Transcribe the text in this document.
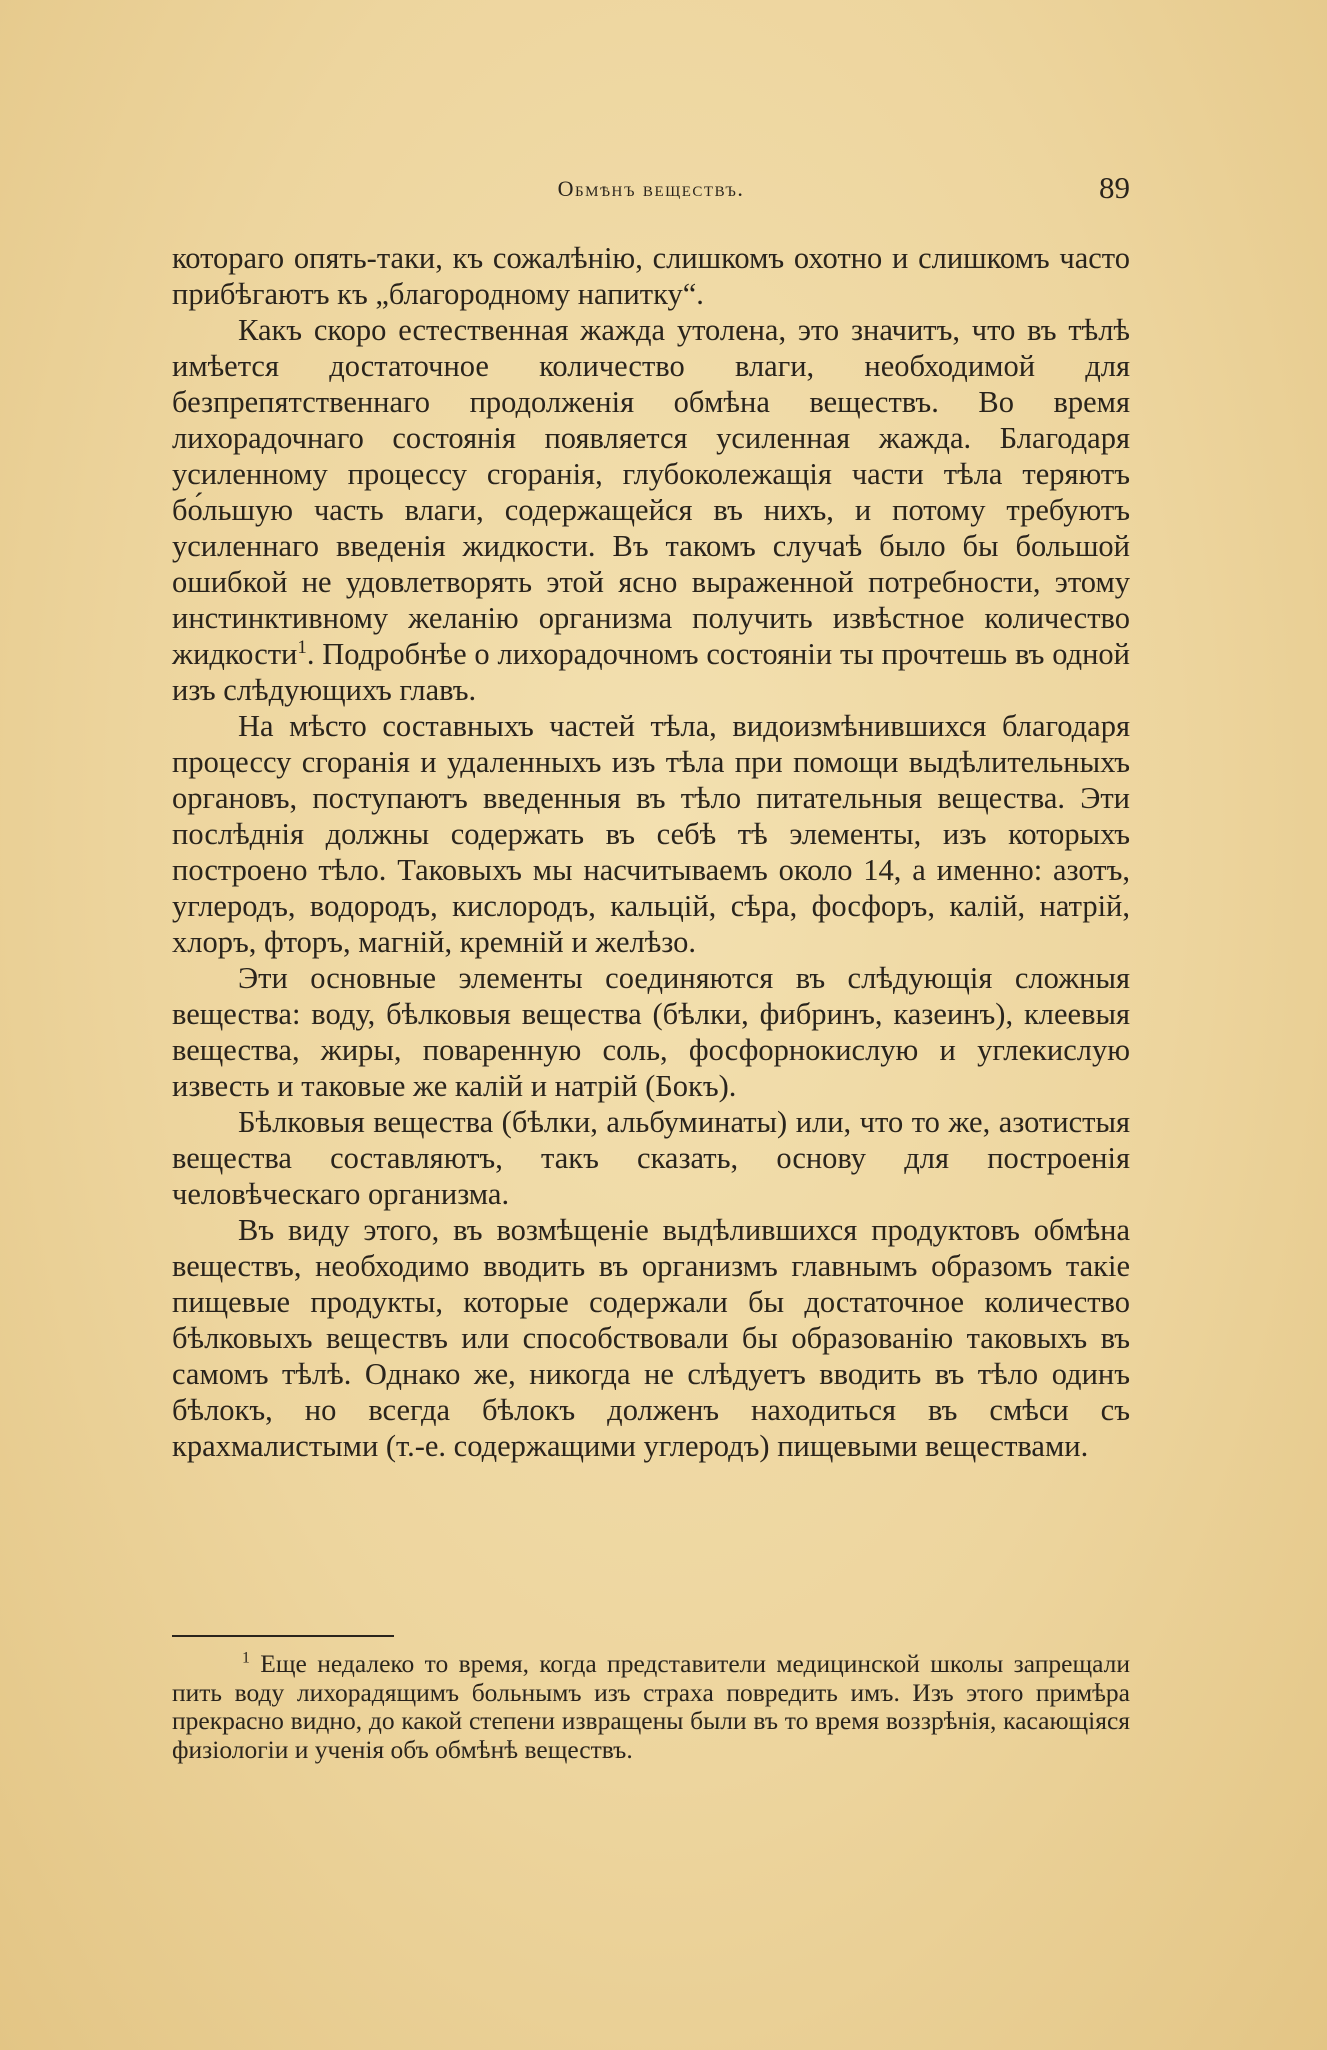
Обмѣнъ веществъ.	89

котораго опять-таки, къ сожалѣнію, слишкомъ охотно и слишкомъ часто прибѣгаютъ къ „благородному напитку“.

Какъ скоро естественная жажда утолена, это значитъ, что въ тѣлѣ имѣется достаточное количество влаги, необходимой для безпрепятственнаго продолженія обмѣна веществъ. Во время лихорадочнаго состоянія появляется усиленная жажда. Благодаря усиленному процессу сгоранія, глубоколежащія части тѣла теряютъ бо́льшую часть влаги, содержащейся въ нихъ, и потому требуютъ усиленнаго введенія жидкости. Въ такомъ случаѣ было бы большой ошибкой не удовлетворять этой ясно выраженной потребности, этому инстинктивному желанію организма получить извѣстное количество жидкости$^1$. Подробнѣе о лихорадочномъ состояніи ты прочтешь въ одной изъ слѣдующихъ главъ.

На мѣсто составныхъ частей тѣла, видоизмѣнившихся благодаря процессу сгоранія и удаленныхъ изъ тѣла при помощи выдѣлительныхъ органовъ, поступаютъ введенныя въ тѣло питательныя вещества. Эти послѣднія должны содержать въ себѣ тѣ элементы, изъ которыхъ построено тѣло. Таковыхъ мы насчитываемъ около 14, а именно: азотъ, углеродъ, водородъ, кислородъ, кальцій, сѣра, фосфоръ, калій, натрій, хлоръ, фторъ, магній, кремній и желѣзо.

Эти основные элементы соединяются въ слѣдующія сложныя вещества: воду, бѣлковыя вещества (бѣлки, фибринъ, казеинъ), клеевыя вещества, жиры, поваренную соль, фосфорнокислую и углекислую известь и таковые же калій и натрій (Бокъ).

Бѣлковыя вещества (бѣлки, альбуминаты) или, что то же, азотистыя вещества составляютъ, такъ сказать, основу для построенія человѣческаго организма.

Въ виду этого, въ возмѣщеніе выдѣлившихся продуктовъ обмѣна веществъ, необходимо вводить въ организмъ главнымъ образомъ такіе пищевые продукты, которые содержали бы достаточное количество бѣлковыхъ веществъ или способствовали бы образованію таковыхъ въ самомъ тѣлѣ. Однако же, никогда не слѣдуетъ вводить въ тѣло одинъ бѣлокъ, но всегда бѣлокъ долженъ находиться въ смѣси съ крахмалистыми (т.-е. содержащими углеродъ) пищевыми веществами.

$^1$ Еще недалеко то время, когда представители медицинской школы запрещали пить воду лихорадящимъ больнымъ изъ страха повредить имъ. Изъ этого примѣра прекрасно видно, до какой степени извращены были въ то время воззрѣнія, касающіяся физіологіи и ученія объ обмѣнѣ веществъ.
